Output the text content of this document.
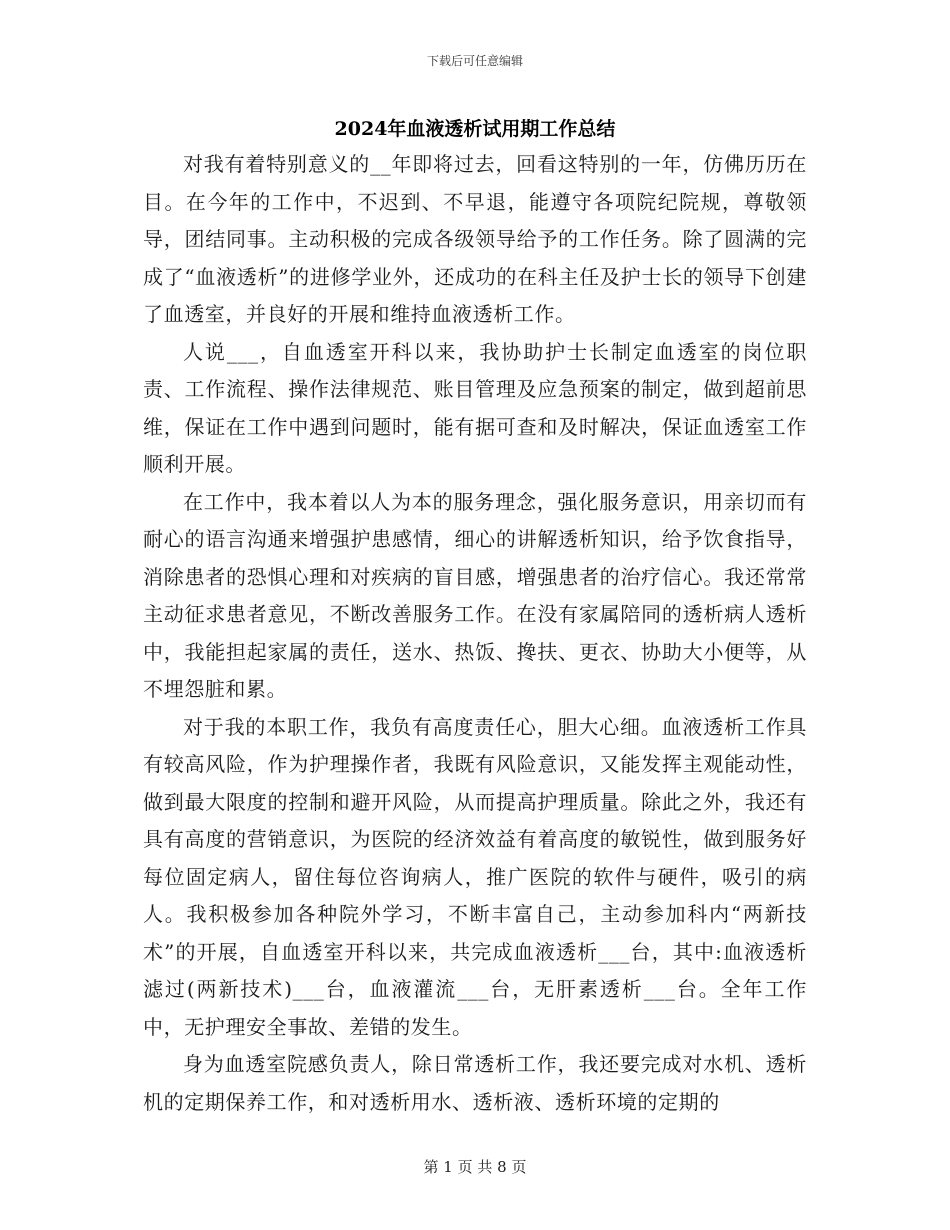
下载后可任意编辑
2024年血液透析试用期工作总结

对我有着特别意义的__年即将过去，回看这特别的一年，仿佛历历在目。在今年的工作中，不迟到、不早退，能遵守各项院纪院规，尊敬领导，团结同事。主动积极的完成各级领导给予的工作任务。除了圆满的完成了“血液透析”的进修学业外，还成功的在科主任及护士长的领导下创建了血透室，并良好的开展和维持血液透析工作。

人说___，自血透室开科以来，我协助护士长制定血透室的岗位职责、工作流程、操作法律规范、账目管理及应急预案的制定，做到超前思维，保证在工作中遇到问题时，能有据可查和及时解决，保证血透室工作顺利开展。

在工作中，我本着以人为本的服务理念，强化服务意识，用亲切而有耐心的语言沟通来增强护患感情，细心的讲解透析知识，给予饮食指导，消除患者的恐惧心理和对疾病的盲目感，增强患者的治疗信心。我还常常主动征求患者意见，不断改善服务工作。在没有家属陪同的透析病人透析中，我能担起家属的责任，送水、热饭、搀扶、更衣、协助大小便等，从不埋怨脏和累。

对于我的本职工作，我负有高度责任心，胆大心细。血液透析工作具有较高风险，作为护理操作者，我既有风险意识，又能发挥主观能动性，做到最大限度的控制和避开风险，从而提高护理质量。除此之外，我还有具有高度的营销意识，为医院的经济效益有着高度的敏锐性，做到服务好每位固定病人，留住每位咨询病人，推广医院的软件与硬件，吸引的病人。我积极参加各种院外学习，不断丰富自己，主动参加科内“两新技术”的开展，自血透室开科以来，共完成血液透析___台，其中:血液透析滤过(两新技术)___台，血液灌流___台，无肝素透析___台。全年工作中，无护理安全事故、差错的发生。

身为血透室院感负责人，除日常透析工作，我还要完成对水机、透析机的定期保养工作，和对透析用水、透析液、透析环境的定期的

第 1 页 共 8 页
